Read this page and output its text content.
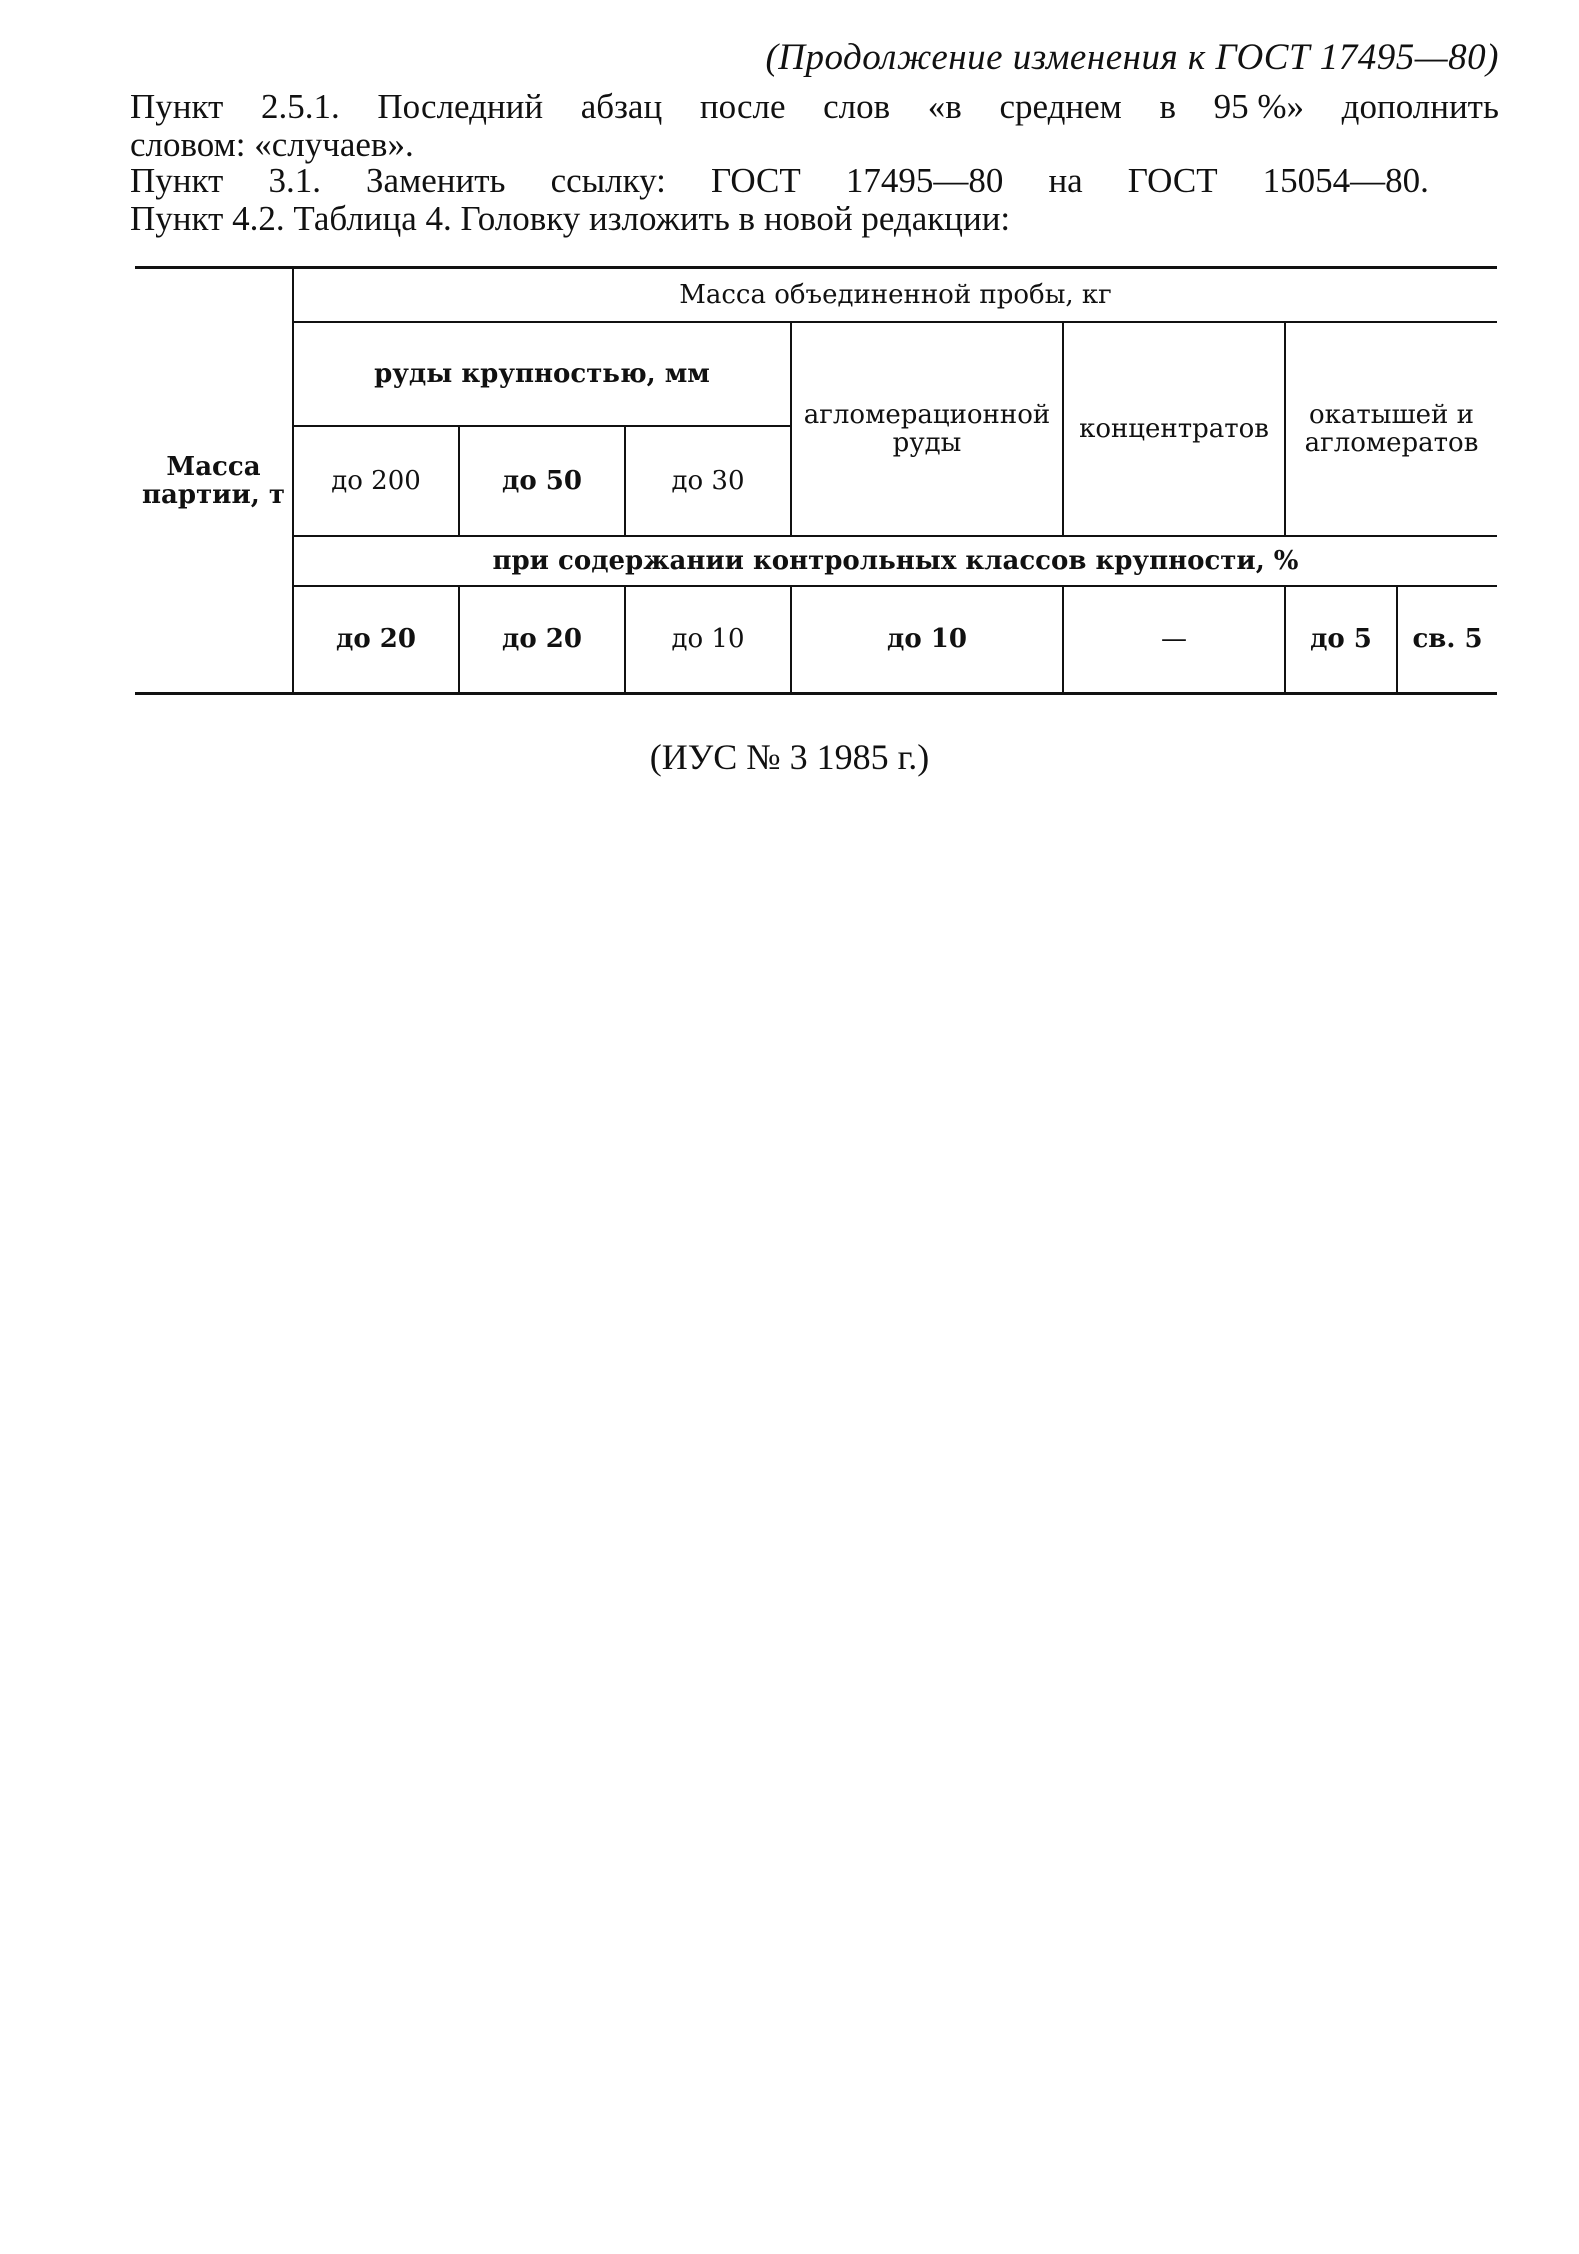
(Продолжение изменения к ГОСТ 17495—80)
Пункт 2.5.1. Последний абзац после слов «в среднем в 95 %» дополнить
словом: «случаев».
Пункт 3.1. Заменить ссылку: ГОСТ 17495—80 на ГОСТ 15054—80.
Пункт 4.2. Таблица 4. Головку изложить в новой редакции:
Масса партии, т	Масса объединенной пробы, кг						
	руды крупностью, мм			агломерационной руды	концентратов	окатышей и агломератов	
	до 200	до 50	до 30				
	при содержании контрольных классов крупности, %						
	до 20	до 20	до 10	до 10	—	до 5	св. 5
(ИУС № 3 1985 г.)
